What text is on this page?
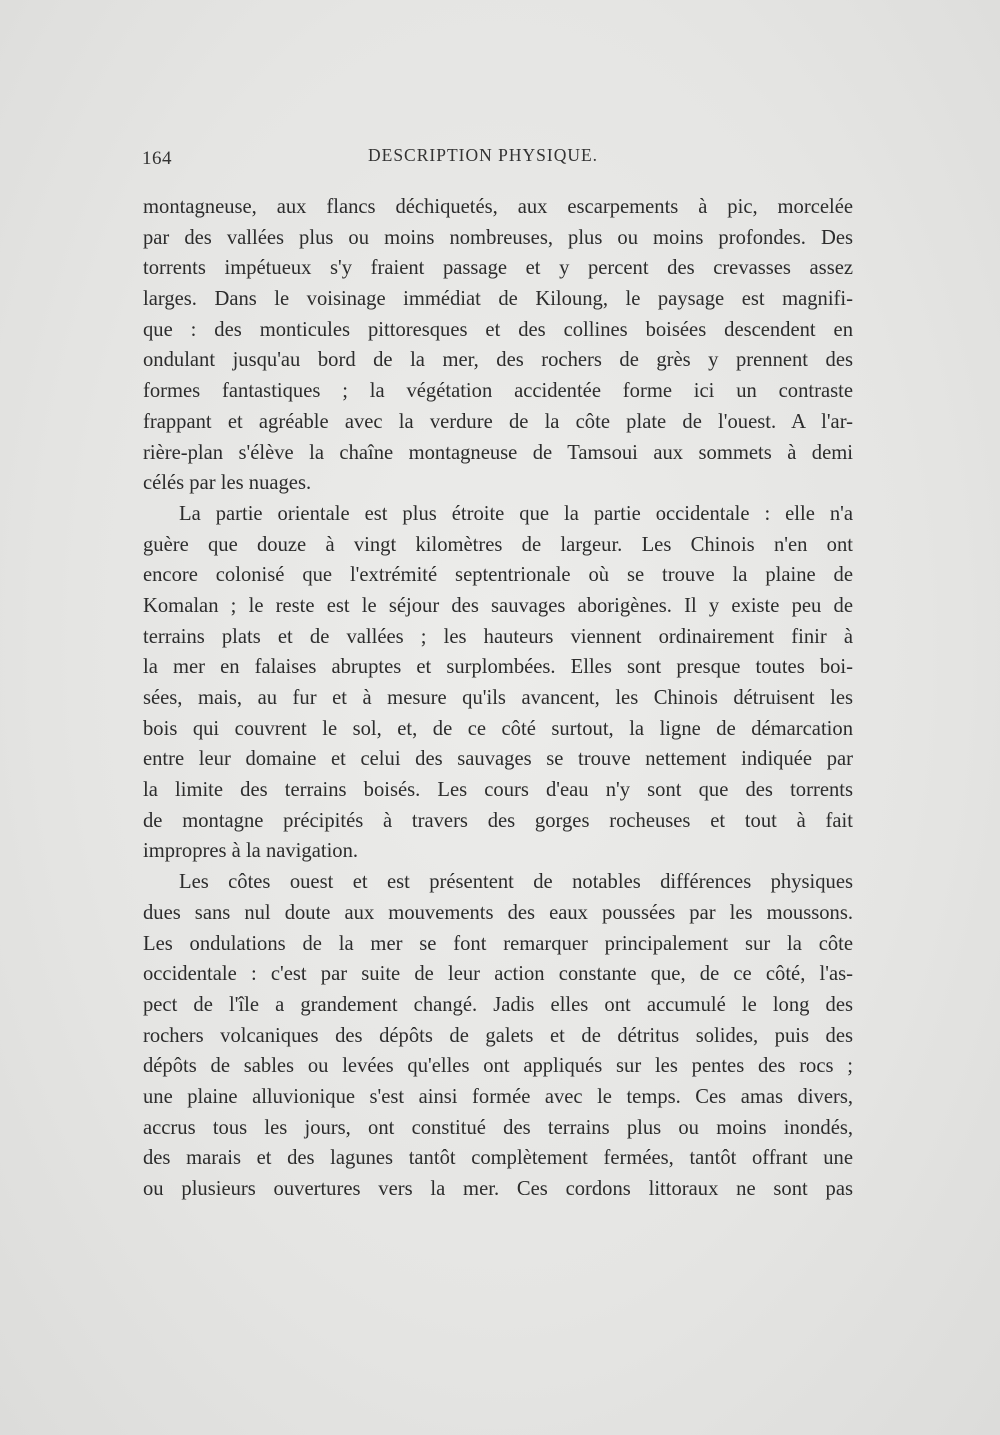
164	DESCRIPTION PHYSIQUE.
montagneuse, aux flancs déchiquetés, aux escarpements à pic, morcelée
par des vallées plus ou moins nombreuses, plus ou moins profondes. Des
torrents impétueux s'y fraient passage et y percent des crevasses assez
larges. Dans le voisinage immédiat de Kiloung, le paysage est magnifi-
que : des monticules pittoresques et des collines boisées descendent en
ondulant jusqu'au bord de la mer, des rochers de grès y prennent des
formes fantastiques ; la végétation accidentée forme ici un contraste
frappant et agréable avec la verdure de la côte plate de l'ouest. A l'ar-
rière-plan s'élève la chaîne montagneuse de Tamsoui aux sommets à demi
célés par les nuages.
La partie orientale est plus étroite que la partie occidentale : elle n'a
guère que douze à vingt kilomètres de largeur. Les Chinois n'en ont
encore colonisé que l'extrémité septentrionale où se trouve la plaine de
Komalan ; le reste est le séjour des sauvages aborigènes. Il y existe peu de
terrains plats et de vallées ; les hauteurs viennent ordinairement finir à
la mer en falaises abruptes et surplombées. Elles sont presque toutes boi-
sées, mais, au fur et à mesure qu'ils avancent, les Chinois détruisent les
bois qui couvrent le sol, et, de ce côté surtout, la ligne de démarcation
entre leur domaine et celui des sauvages se trouve nettement indiquée par
la limite des terrains boisés. Les cours d'eau n'y sont que des torrents
de montagne précipités à travers des gorges rocheuses et tout à fait
impropres à la navigation.
Les côtes ouest et est présentent de notables différences physiques
dues sans nul doute aux mouvements des eaux poussées par les moussons.
Les ondulations de la mer se font remarquer principalement sur la côte
occidentale : c'est par suite de leur action constante que, de ce côté, l'as-
pect de l'île a grandement changé. Jadis elles ont accumulé le long des
rochers volcaniques des dépôts de galets et de détritus solides, puis des
dépôts de sables ou levées qu'elles ont appliqués sur les pentes des rocs ;
une plaine alluvionique s'est ainsi formée avec le temps. Ces amas divers,
accrus tous les jours, ont constitué des terrains plus ou moins inondés,
des marais et des lagunes tantôt complètement fermées, tantôt offrant une
ou plusieurs ouvertures vers la mer. Ces cordons littoraux ne sont pas
